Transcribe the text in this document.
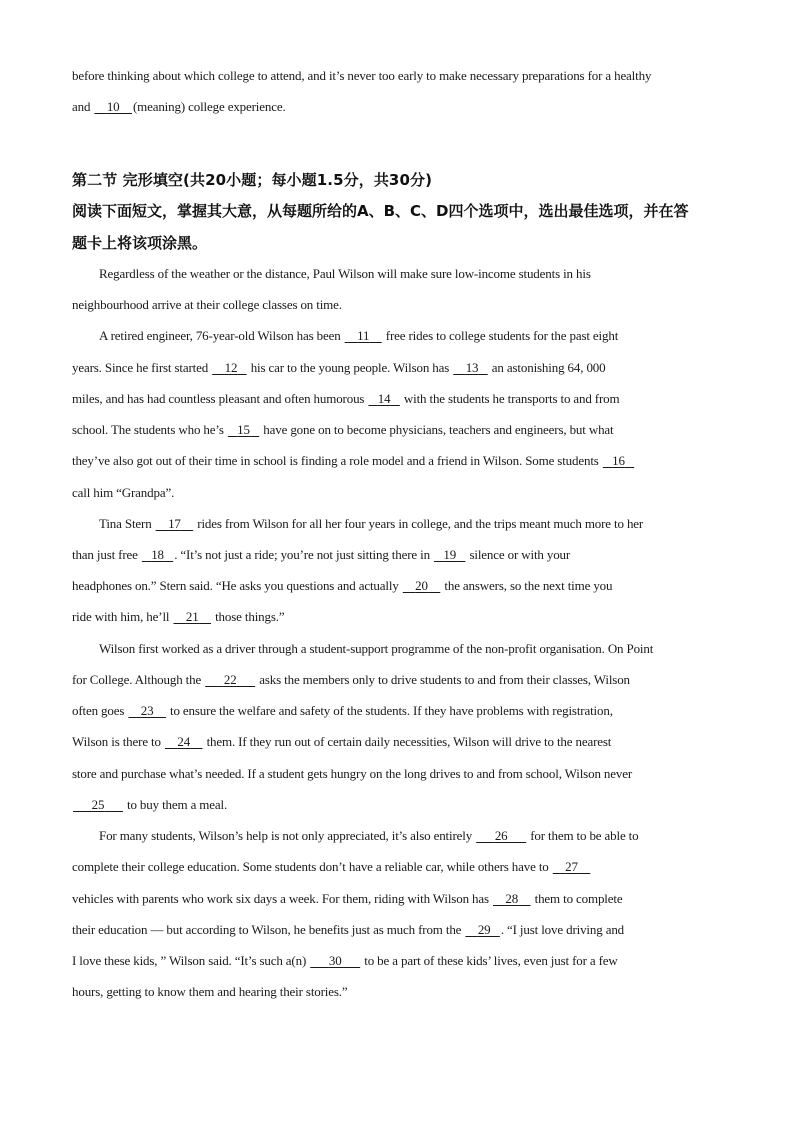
before thinking about which college to attend, and it’s never too early to make necessary preparations for a healthy
and     10 (meaning) college experience.
第二节 完形填空(共20小题；每小题1.5分，共30分)
阅读下面短文，掌握其大意，从每题所给的A、B、C、D四个选项中，选出最佳选项，并在答
题卡上将该项涂黑。
Regardless of the weather or the distance, Paul Wilson will make sure low-income students in his
neighbourhood arrive at their college classes on time.
A retired engineer, 76-year-old Wilson has been     11     free rides to college students for the past eight
years. Since he first started     12    his car to the young people. Wilson has     13    an astonishing 64, 000
miles, and has had countless pleasant and often humorous    14    with the students he transports to and from
school. The students who he’s    15    have gone on to become physicians, teachers and engineers, but what
they’ve also got out of their time in school is finding a role model and a friend in Wilson. Some students    16
call him “Grandpa”.
Tina Stern     17     rides from Wilson for all her four years in college, and the trips meant much more to her
than just free    18 . “It’s not just a ride; you’re not just sitting there in    19    silence or with your
headphones on.” Stern said. “He asks you questions and actually     20     the answers, so the next time you
ride with him, he’ll     21     those things.”
Wilson first worked as a driver through a student-support programme of the non-profit organisation. On Point
for College. Although the       22       asks the members only to drive students to and from their classes, Wilson
often goes     23     to ensure the welfare and safety of the students. If they have problems with registration,
Wilson is there to     24     them. If they run out of certain daily necessities, Wilson will drive to the nearest
store and purchase what’s needed. If a student gets hungry on the long drives to and from school, Wilson never
25       to buy them a meal.
For many students, Wilson’s help is not only appreciated, it’s also entirely       26       for them to be able to
complete their college education. Some students don’t have a reliable car, while others have to     27
vehicles with parents who work six days a week. For them, riding with Wilson has     28     them to complete
their education — but according to Wilson, he benefits just as much from the     29 . “I just love driving and
I love these kids, ” Wilson said. “It’s such a(n)       30       to be a part of these kids’ lives, even just for a few
hours, getting to know them and hearing their stories.”
